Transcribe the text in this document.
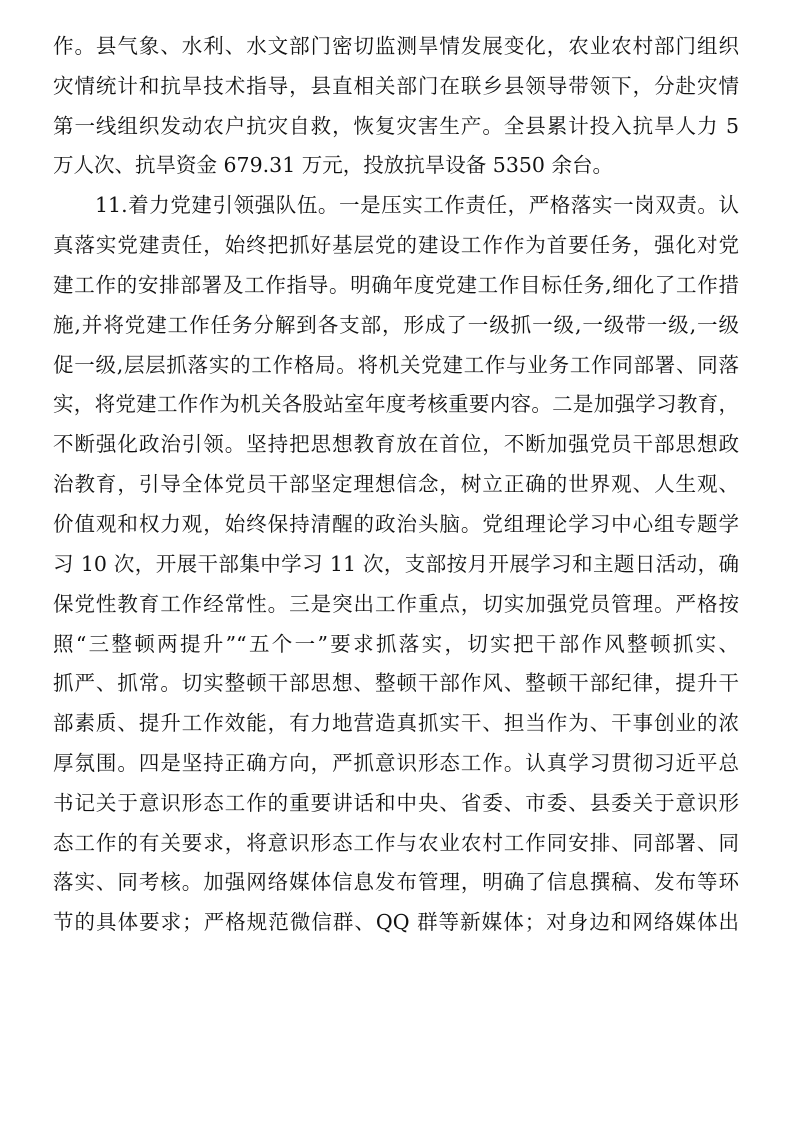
作。县气象、水利、水文部门密切监测旱情发展变化，农业农村部门组织
灾情统计和抗旱技术指导，县直相关部门在联乡县领导带领下，分赴灾情
第一线组织发动农户抗灾自救，恢复灾害生产。全县累计投入抗旱人力 5
万人次、抗旱资金 679.31 万元，投放抗旱设备 5350 余台。
11.着力党建引领强队伍。一是压实工作责任，严格落实一岗双责。认
真落实党建责任，始终把抓好基层党的建设工作作为首要任务，强化对党
建工作的安排部署及工作指导。明确年度党建工作目标任务,细化了工作措
施,并将党建工作任务分解到各支部，形成了一级抓一级,一级带一级,一级
促一级,层层抓落实的工作格局。将机关党建工作与业务工作同部署、同落
实，将党建工作作为机关各股站室年度考核重要内容。二是加强学习教育，
不断强化政治引领。坚持把思想教育放在首位，不断加强党员干部思想政
治教育，引导全体党员干部坚定理想信念，树立正确的世界观、人生观、
价值观和权力观，始终保持清醒的政治头脑。党组理论学习中心组专题学
习 10 次，开展干部集中学习 11 次，支部按月开展学习和主题日活动，确
保党性教育工作经常性。三是突出工作重点，切实加强党员管理。严格按
照“三整顿两提升”“五个一”要求抓落实，切实把干部作风整顿抓实、
抓严、抓常。切实整顿干部思想、整顿干部作风、整顿干部纪律，提升干
部素质、提升工作效能，有力地营造真抓实干、担当作为、干事创业的浓
厚氛围。四是坚持正确方向，严抓意识形态工作。认真学习贯彻习近平总
书记关于意识形态工作的重要讲话和中央、省委、市委、县委关于意识形
态工作的有关要求，将意识形态工作与农业农村工作同安排、同部署、同
落实、同考核。加强网络媒体信息发布管理，明确了信息撰稿、发布等环
节的具体要求；严格规范微信群、QQ 群等新媒体；对身边和网络媒体出
